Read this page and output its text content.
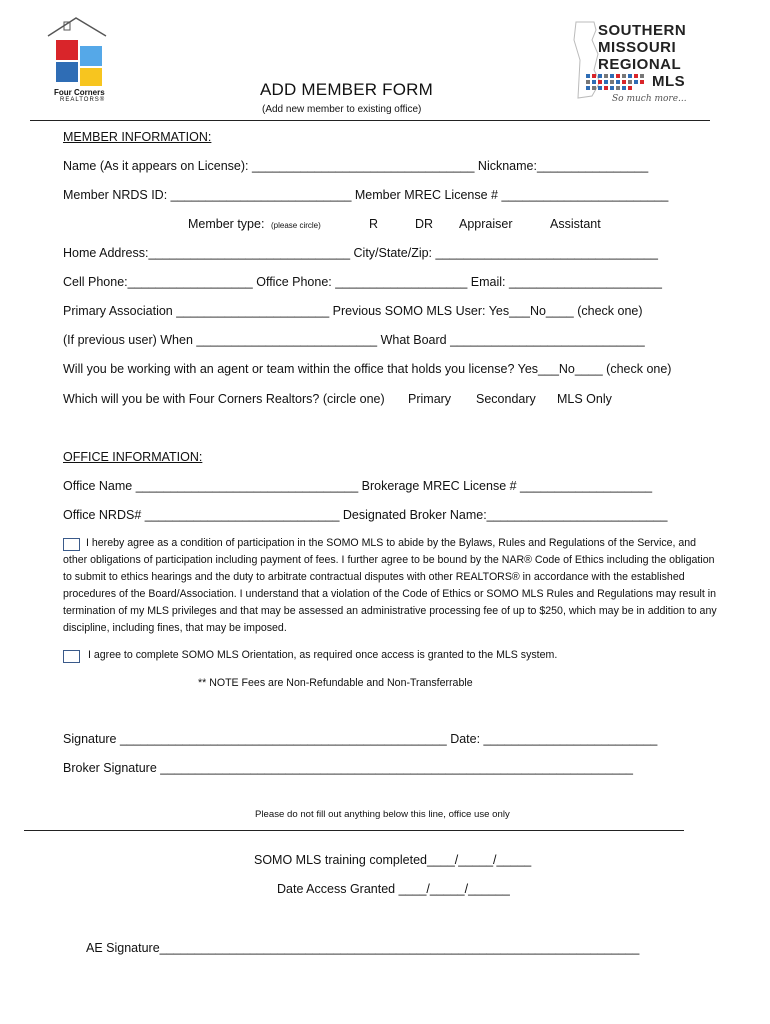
Four Corners
REALTORS®
SOUTHERN
MISSOURI
REGIONAL
MLS
So much more...
ADD MEMBER FORM
(Add new member to existing office)
MEMBER INFORMATION:
Name (As it appears on License): ________________________________ Nickname:________________
Member NRDS ID: __________________________ Member MREC License # ________________________
Member type: (please circle)	R	DR Appraiser	Assistant
Home Address:_____________________________ City/State/Zip: ________________________________
Cell Phone:__________________ Office Phone: ___________________ Email: ______________________
Primary Association ______________________ Previous SOMO MLS User: Yes___No____ (check one)
(If previous user) When __________________________ What Board ____________________________
Will you be working with an agent or team within the office that holds you license? Yes___No____ (check one)
Which will you be with Four Corners Realtors? (circle one) Primary Secondary MLS Only
OFFICE INFORMATION:
Office Name ________________________________ Brokerage MREC License # ___________________
Office NRDS# ____________________________ Designated Broker Name:__________________________
I hereby agree as a condition of participation in the SOMO MLS to abide by the Bylaws, Rules and Regulations of the Service, and other obligations of participation including payment of fees. I further agree to be bound by the NAR® Code of Ethics including the obligation to submit to ethics hearings and the duty to arbitrate contractual disputes with other REALTORS® in accordance with the established procedures of the Board/Association. I understand that a violation of the Code of Ethics or SOMO MLS Rules and Regulations may result in termination of my MLS privileges and that may be assessed an administrative processing fee of up to $250, which may be in addition to any discipline, including fines, that may be imposed.
I agree to complete SOMO MLS Orientation, as required once access is granted to the MLS system.
** NOTE Fees are Non-Refundable and Non-Transferrable
Signature _______________________________________________ Date: _________________________
Broker Signature ____________________________________________________________________
Please do not fill out anything below this line, office use only
SOMO MLS training completed____/_____/_____
Date Access Granted ____/_____/______
AE Signature_____________________________________________________________________
